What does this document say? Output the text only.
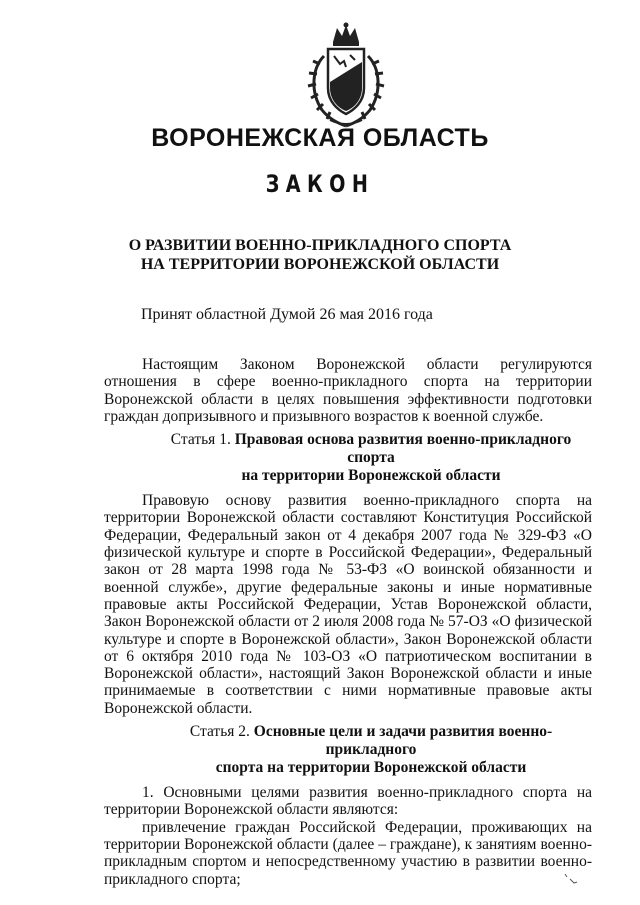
ВОРОНЕЖСКАЯ ОБЛАСТЬ
ЗАКОН
О РАЗВИТИИ ВОЕННО-ПРИКЛАДНОГО СПОРТА
НА ТЕРРИТОРИИ ВОРОНЕЖСКОЙ ОБЛАСТИ
Принят областной Думой 26 мая 2016 года

Настоящим Законом Воронежской области регулируются отношения в сфере военно-прикладного спорта на территории Воронежской области в целях повышения эффективности подготовки граждан допризывного и призывного возрастов к военной службе.

Статья 1. Правовая основа развития военно-прикладного спорта
на территории Воронежской области

Правовую основу развития военно-прикладного спорта на территории Воронежской области составляют Конституция Российской Федерации, Федеральный закон от 4 декабря 2007 года № 329-ФЗ «О физической культуре и спорте в Российской Федерации», Федеральный закон от 28 марта 1998 года № 53-ФЗ «О воинской обязанности и военной службе», другие федеральные законы и иные нормативные правовые акты Российской Федерации, Устав Воронежской области, Закон Воронежской области от 2 июля 2008 года № 57-ОЗ «О физической культуре и спорте в Воронежской области», Закон Воронежской области от 6 октября 2010 года № 103-ОЗ «О патриотическом воспитании в Воронежской области», настоящий Закон Воронежской области и иные принимаемые в соответствии с ними нормативные правовые акты Воронежской области.

Статья 2. Основные цели и задачи развития военно-прикладного
спорта на территории Воронежской области

1. Основными целями развития военно-прикладного спорта на территории Воронежской области являются:

привлечение граждан Российской Федерации, проживающих на территории Воронежской области (далее – граждане), к занятиям военно-прикладным спортом и непосредственному участию в развитии военно-прикладного спорта;
